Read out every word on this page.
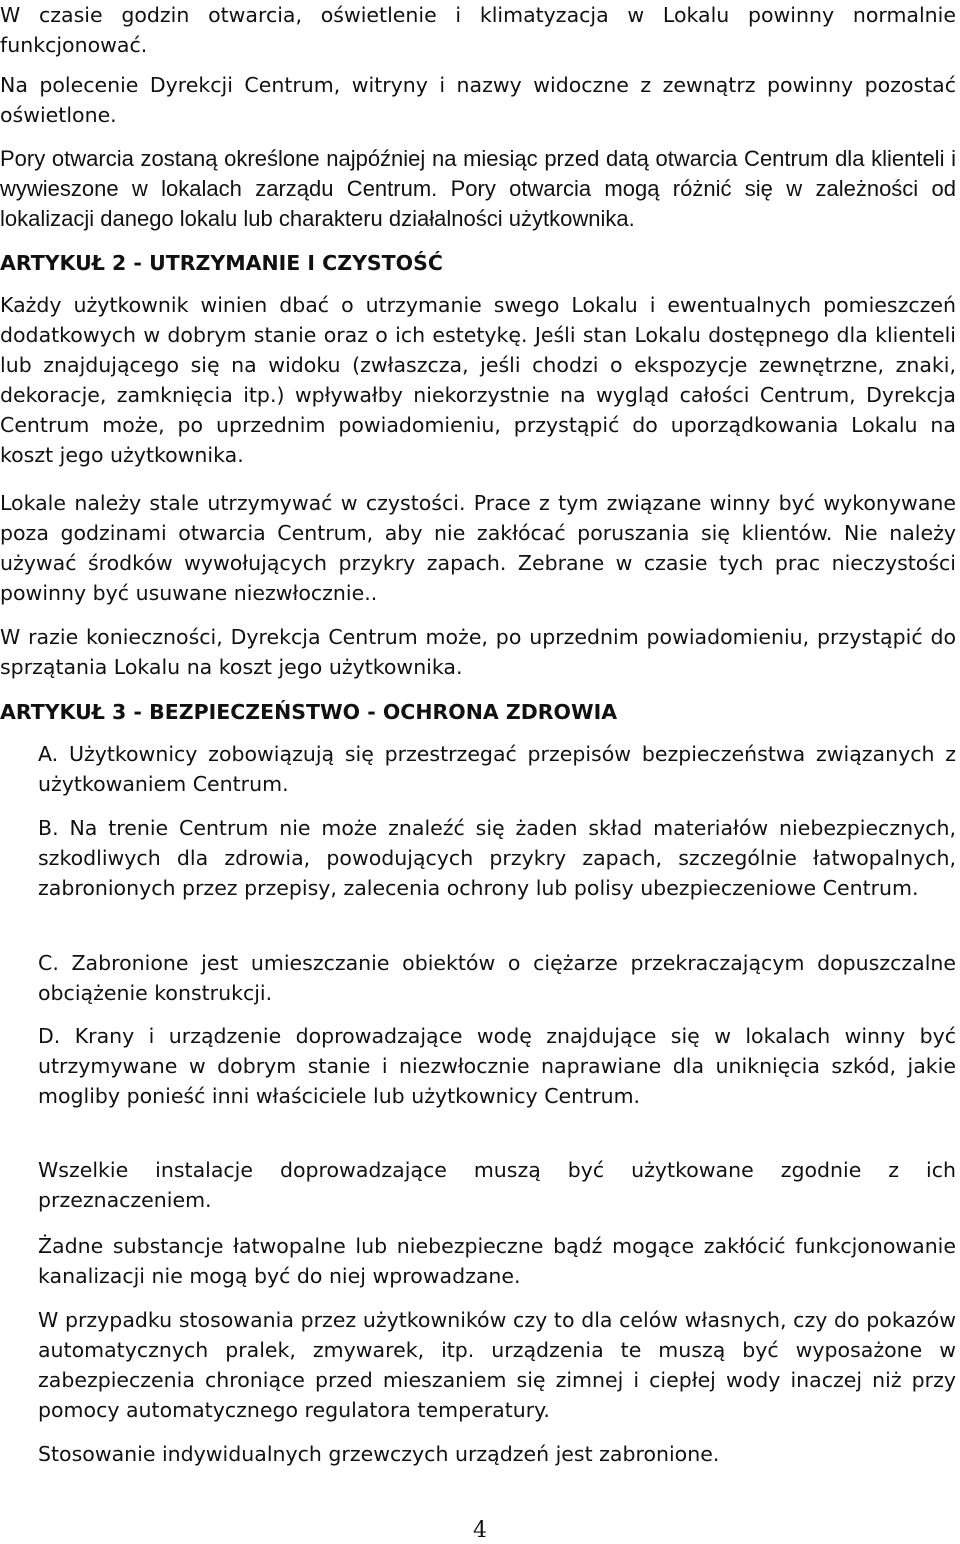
W czasie godzin otwarcia, oświetlenie i klimatyzacja w Lokalu powinny normalnie funkcjonować.

Na polecenie Dyrekcji Centrum, witryny i nazwy widoczne z zewnątrz powinny pozostać oświetlone.

Pory otwarcia zostaną określone najpóźniej na miesiąc przed datą otwarcia Centrum dla klienteli i wywieszone w lokalach zarządu Centrum. Pory otwarcia mogą różnić się w zależności od lokalizacji danego lokalu lub charakteru działalności użytkownika.

ARTYKUŁ 2 - UTRZYMANIE I CZYSTOŚĆ

Każdy użytkownik winien dbać o utrzymanie swego Lokalu i ewentualnych pomieszczeń dodatkowych w dobrym stanie oraz o ich estetykę. Jeśli stan Lokalu dostępnego dla klienteli lub znajdującego się na widoku (zwłaszcza, jeśli chodzi o ekspozycje zewnętrzne, znaki, dekoracje, zamknięcia itp.) wpływałby niekorzystnie na wygląd całości Centrum, Dyrekcja Centrum może, po uprzednim powiadomieniu, przystąpić do uporządkowania Lokalu na koszt jego użytkownika.

Lokale należy stale utrzymywać w czystości. Prace z tym związane winny być wykonywane poza godzinami otwarcia Centrum, aby nie zakłócać poruszania się klientów. Nie należy używać środków wywołujących przykry zapach. Zebrane w czasie tych prac nieczystości powinny być usuwane niezwłocznie..

W razie konieczności, Dyrekcja Centrum może, po uprzednim powiadomieniu, przystąpić do sprzątania Lokalu na koszt jego użytkownika.

ARTYKUŁ 3 - BEZPIECZEŃSTWO - OCHRONA ZDROWIA

A. Użytkownicy zobowiązują się przestrzegać przepisów bezpieczeństwa związanych z użytkowaniem Centrum.

B. Na trenie Centrum nie może znaleźć się żaden skład materiałów niebezpiecznych, szkodliwych dla zdrowia, powodujących przykry zapach, szczególnie łatwopalnych, zabronionych przez przepisy, zalecenia ochrony lub polisy ubezpieczeniowe Centrum.

C. Zabronione jest umieszczanie obiektów o ciężarze przekraczającym dopuszczalne obciążenie konstrukcji.

D. Krany i urządzenie doprowadzające wodę znajdujące się w lokalach winny być utrzymywane w dobrym stanie i niezwłocznie naprawiane dla uniknięcia szkód, jakie mogliby ponieść inni właściciele lub użytkownicy Centrum.

Wszelkie instalacje doprowadzające muszą być użytkowane zgodnie z ich przeznaczeniem.

Żadne substancje łatwopalne lub niebezpieczne bądź mogące zakłócić funkcjonowanie kanalizacji nie mogą być do niej wprowadzane.

W przypadku stosowania przez użytkowników czy to dla celów własnych, czy do pokazów automatycznych pralek, zmywarek, itp. urządzenia te muszą być wyposażone w zabezpieczenia chroniące przed mieszaniem się zimnej i ciepłej wody inaczej niż przy pomocy automatycznego regulatora temperatury.

Stosowanie indywidualnych grzewczych urządzeń jest zabronione.

4
